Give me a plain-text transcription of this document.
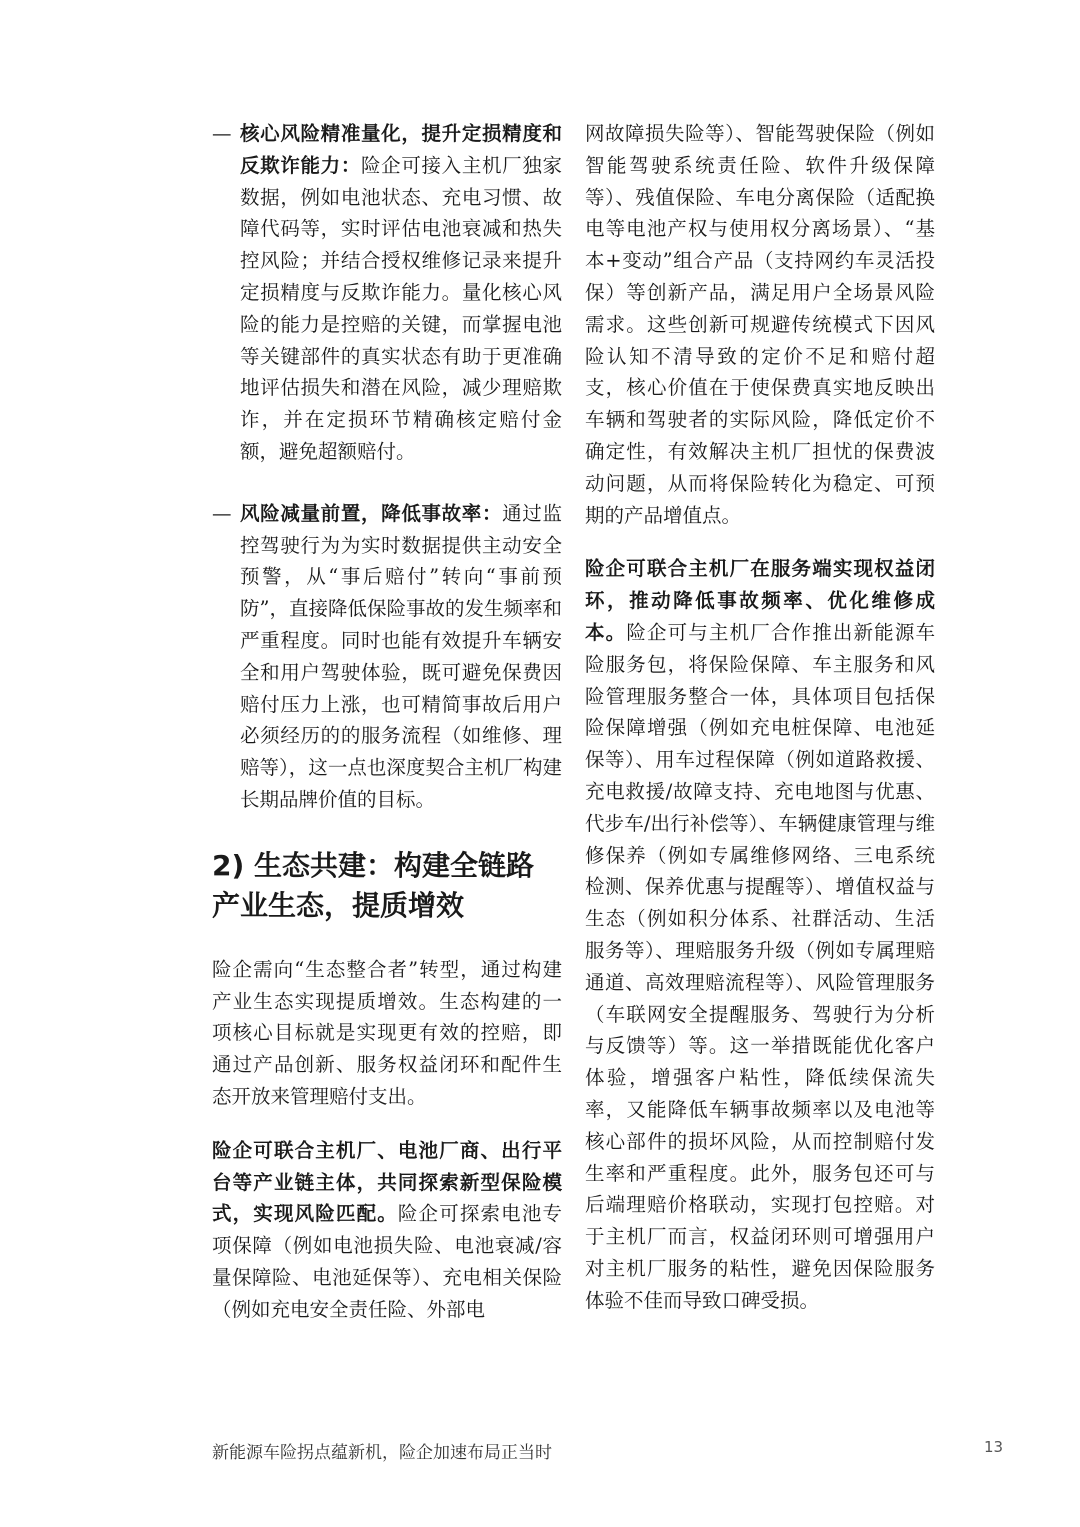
— 核心风险精准量化，提升定损精度和反欺诈能力：险企可接入主机厂独家数据，例如电池状态、充电习惯、故障代码等，实时评估电池衰减和热失控风险；并结合授权维修记录来提升定损精度与反欺诈能力。量化核心风险的能力是控赔的关键，而掌握电池等关键部件的真实状态有助于更准确地评估损失和潜在风险，减少理赔欺诈，并在定损环节精确核定赔付金额，避免超额赔付。
— 风险减量前置，降低事故率：通过监控驾驶行为为实时数据提供主动安全预警，从“事后赔付”转向“事前预防”，直接降低保险事故的发生频率和严重程度。同时也能有效提升车辆安全和用户驾驶体验，既可避免保费因赔付压力上涨，也可精简事故后用户必须经历的的服务流程（如维修、理赔等），这一点也深度契合主机厂构建长期品牌价值的目标。
2) 生态共建：构建全链路产业生态，提质增效

险企需向“生态整合者”转型，通过构建产业生态实现提质增效。生态构建的一项核心目标就是实现更有效的控赔，即通过产品创新、服务权益闭环和配件生态开放来管理赔付支出。

险企可联合主机厂、电池厂商、出行平台等产业链主体，共同探索新型保险模式，实现风险匹配。险企可探索电池专项保障（例如电池损失险、电池衰减/容量保障险、电池延保等）、充电相关保险（例如充电安全责任险、外部电

网故障损失险等）、智能驾驶保险（例如智能驾驶系统责任险、软件升级保障等）、残值保险、车电分离保险（适配换电等电池产权与使用权分离场景）、“基本+变动”组合产品（支持网约车灵活投保）等创新产品，满足用户全场景风险需求。这些创新可规避传统模式下因风险认知不清导致的定价不足和赔付超支，核心价值在于使保费真实地反映出车辆和驾驶者的实际风险，降低定价不确定性，有效解决主机厂担忧的保费波动问题，从而将保险转化为稳定、可预期的产品增值点。

险企可联合主机厂在服务端实现权益闭环，推动降低事故频率、优化维修成本。险企可与主机厂合作推出新能源车险服务包，将保险保障、车主服务和风险管理服务整合一体，具体项目包括保险保障增强（例如充电桩保障、电池延保等）、用车过程保障（例如道路救援、充电救援/故障支持、充电地图与优惠、代步车/出行补偿等）、车辆健康管理与维修保养（例如专属维修网络、三电系统检测、保养优惠与提醒等）、增值权益与生态（例如积分体系、社群活动、生活服务等）、理赔服务升级（例如专属理赔通道、高效理赔流程等）、风险管理服务（车联网安全提醒服务、驾驶行为分析与反馈等）等。这一举措既能优化客户体验，增强客户粘性，降低续保流失率，又能降低车辆事故频率以及电池等核心部件的损坏风险，从而控制赔付发生率和严重程度。此外，服务包还可与后端理赔价格联动，实现打包控赔。对于主机厂而言，权益闭环则可增强用户对主机厂服务的粘性，避免因保险服务体验不佳而导致口碑受损。

新能源车险拐点蕴新机，险企加速布局正当时	13
